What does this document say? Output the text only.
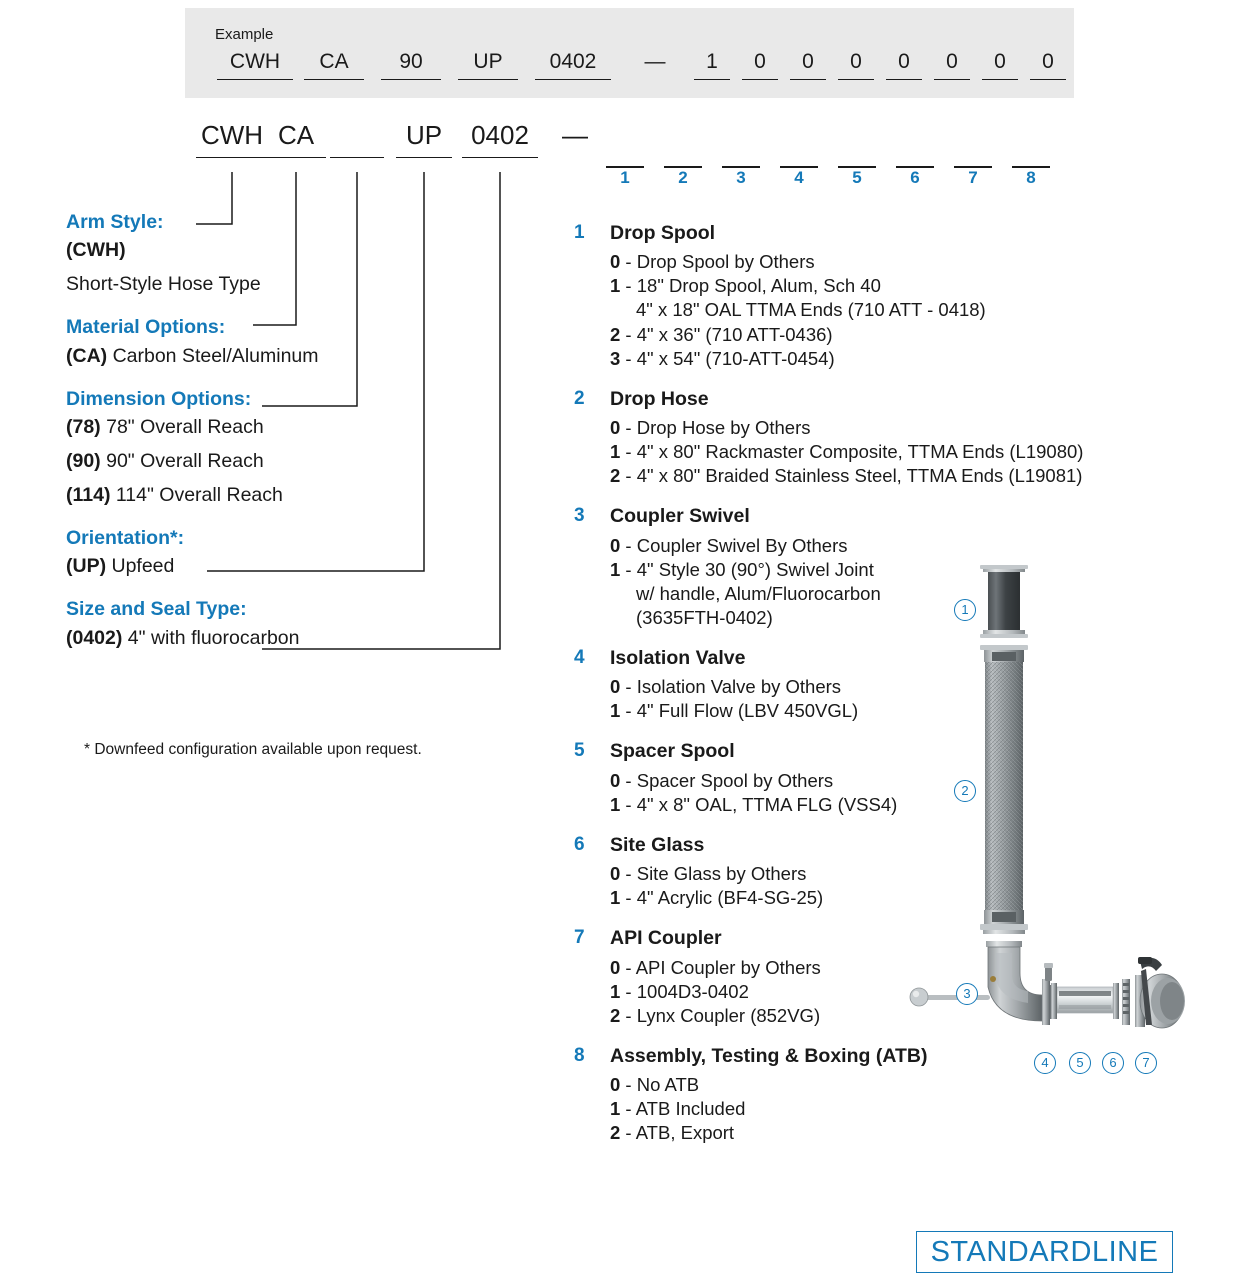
Example
CWH	CA	90	UP	0402	—	1	0	0	0	0	0	0	0
CWH CA
	UP	0402	—
1	2	3	4	5	6	7	8
Arm Style:
(CWH)
Short-Style Hose Type
Material Options:
(CA) Carbon Steel/Aluminum
Dimension Options:
(78) 78" Overall Reach
(90) 90" Overall Reach
(114) 114" Overall Reach
Orientation*:
(UP) Upfeed
Size and Seal Type:
(0402) 4" with fluorocarbon
* Downfeed configuration available upon request.
1	Drop Spool
0 - Drop Spool by Others
1 - 18" Drop Spool, Alum, Sch 40
4" x 18" OAL TTMA Ends (710 ATT - 0418)
2 - 4" x 36" (710 ATT-0436)
3 - 4" x 54" (710-ATT-0454)
2	Drop Hose
0 - Drop Hose by Others
1 - 4" x 80" Rackmaster Composite, TTMA Ends (L19080)
2 - 4" x 80" Braided Stainless Steel, TTMA Ends (L19081)
3	Coupler Swivel
0 - Coupler Swivel By Others
1 - 4" Style 30 (90°) Swivel Joint
w/ handle, Alum/Fluorocarbon
(3635FTH-0402)
4	Isolation Valve
0 - Isolation Valve by Others
1 - 4" Full Flow (LBV 450VGL)
5	Spacer Spool
0 - Spacer Spool by Others
1 - 4" x 8" OAL, TTMA FLG (VSS4)
6	Site Glass
0 - Site Glass by Others
1 - 4" Acrylic (BF4-SG-25)
7	API Coupler
0 - API Coupler by Others
1 - 1004D3-0402
2 - Lynx Coupler (852VG)
8	Assembly, Testing & Boxing (ATB)
0 - No ATB
1 - ATB Included
2 - ATB, Export
1
2
3
4	5	6	7
STANDARDLINE
